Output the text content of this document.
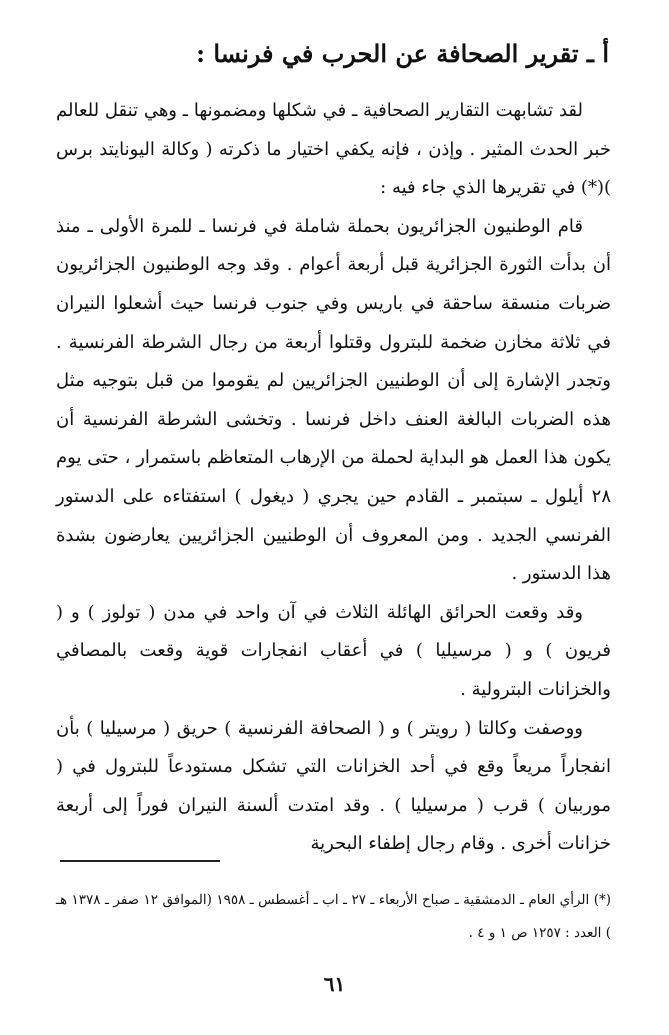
أ ـ تقرير الصحافة عن الحرب في فرنسا :

لقد تشابهت التقارير الصحافية ـ في شكلها ومضمونها ـ وهي تنقل للعالم خبر الحدث المثير . وإذن ، فإنه يكفي اختيار ما ذكرته ( وكالة اليونايتد برس )(*) في تقريرها الذي جاء فيه :

قام الوطنيون الجزائريون بحملة شاملة في فرنسا ـ للمرة الأولى ـ منذ أن بدأت الثورة الجزائرية قبل أربعة أعوام . وقد وجه الوطنيون الجزائريون ضربات منسقة ساحقة في باريس وفي جنوب فرنسا حيث أشعلوا النيران في ثلاثة مخازن ضخمة للبترول وقتلوا أربعة من رجال الشرطة الفرنسية . وتجدر الإشارة إلى أن الوطنيين الجزائريين لم يقوموا من قبل بتوجيه مثل هذه الضربات البالغة العنف داخل فرنسا . وتخشى الشرطة الفرنسية أن يكون هذا العمل هو البداية لحملة من الإرهاب المتعاظم باستمرار ، حتى يوم ٢٨ أيلول ـ سبتمبر ـ القادم حين يجري ( ديغول ) استفتاءه على الدستور الفرنسي الجديد . ومن المعروف أن الوطنيين الجزائريين يعارضون بشدة هذا الدستور .

وقد وقعت الحرائق الهائلة الثلاث في آن واحد في مدن ( تولوز ) و ( فريون ) و ( مرسيليا ) في أعقاب انفجارات قوية وقعت بالمصافي والخزانات البترولية .

ووصفت وكالتا ( رويتر ) و ( الصحافة الفرنسية ) حريق ( مرسيليا ) بأن انفجاراً مريعاً وقع في أحد الخزانات التي تشكل مستودعاً للبترول في ( موربيان ) قرب ( مرسيليا ) . وقد امتدت ألسنة النيران فوراً إلى أربعة خزانات أخرى . وقام رجال إطفاء البحرية

(*) الرأي العام ـ الدمشقية ـ صباح الأربعاء ـ ٢٧ ـ اب ـ أغسطس ـ ١٩٥٨ (الموافق ١٢ صفر ـ ١٣٧٨ هـ ) العدد : ١٢٥٧ ص ١ و ٤ .
٦١
